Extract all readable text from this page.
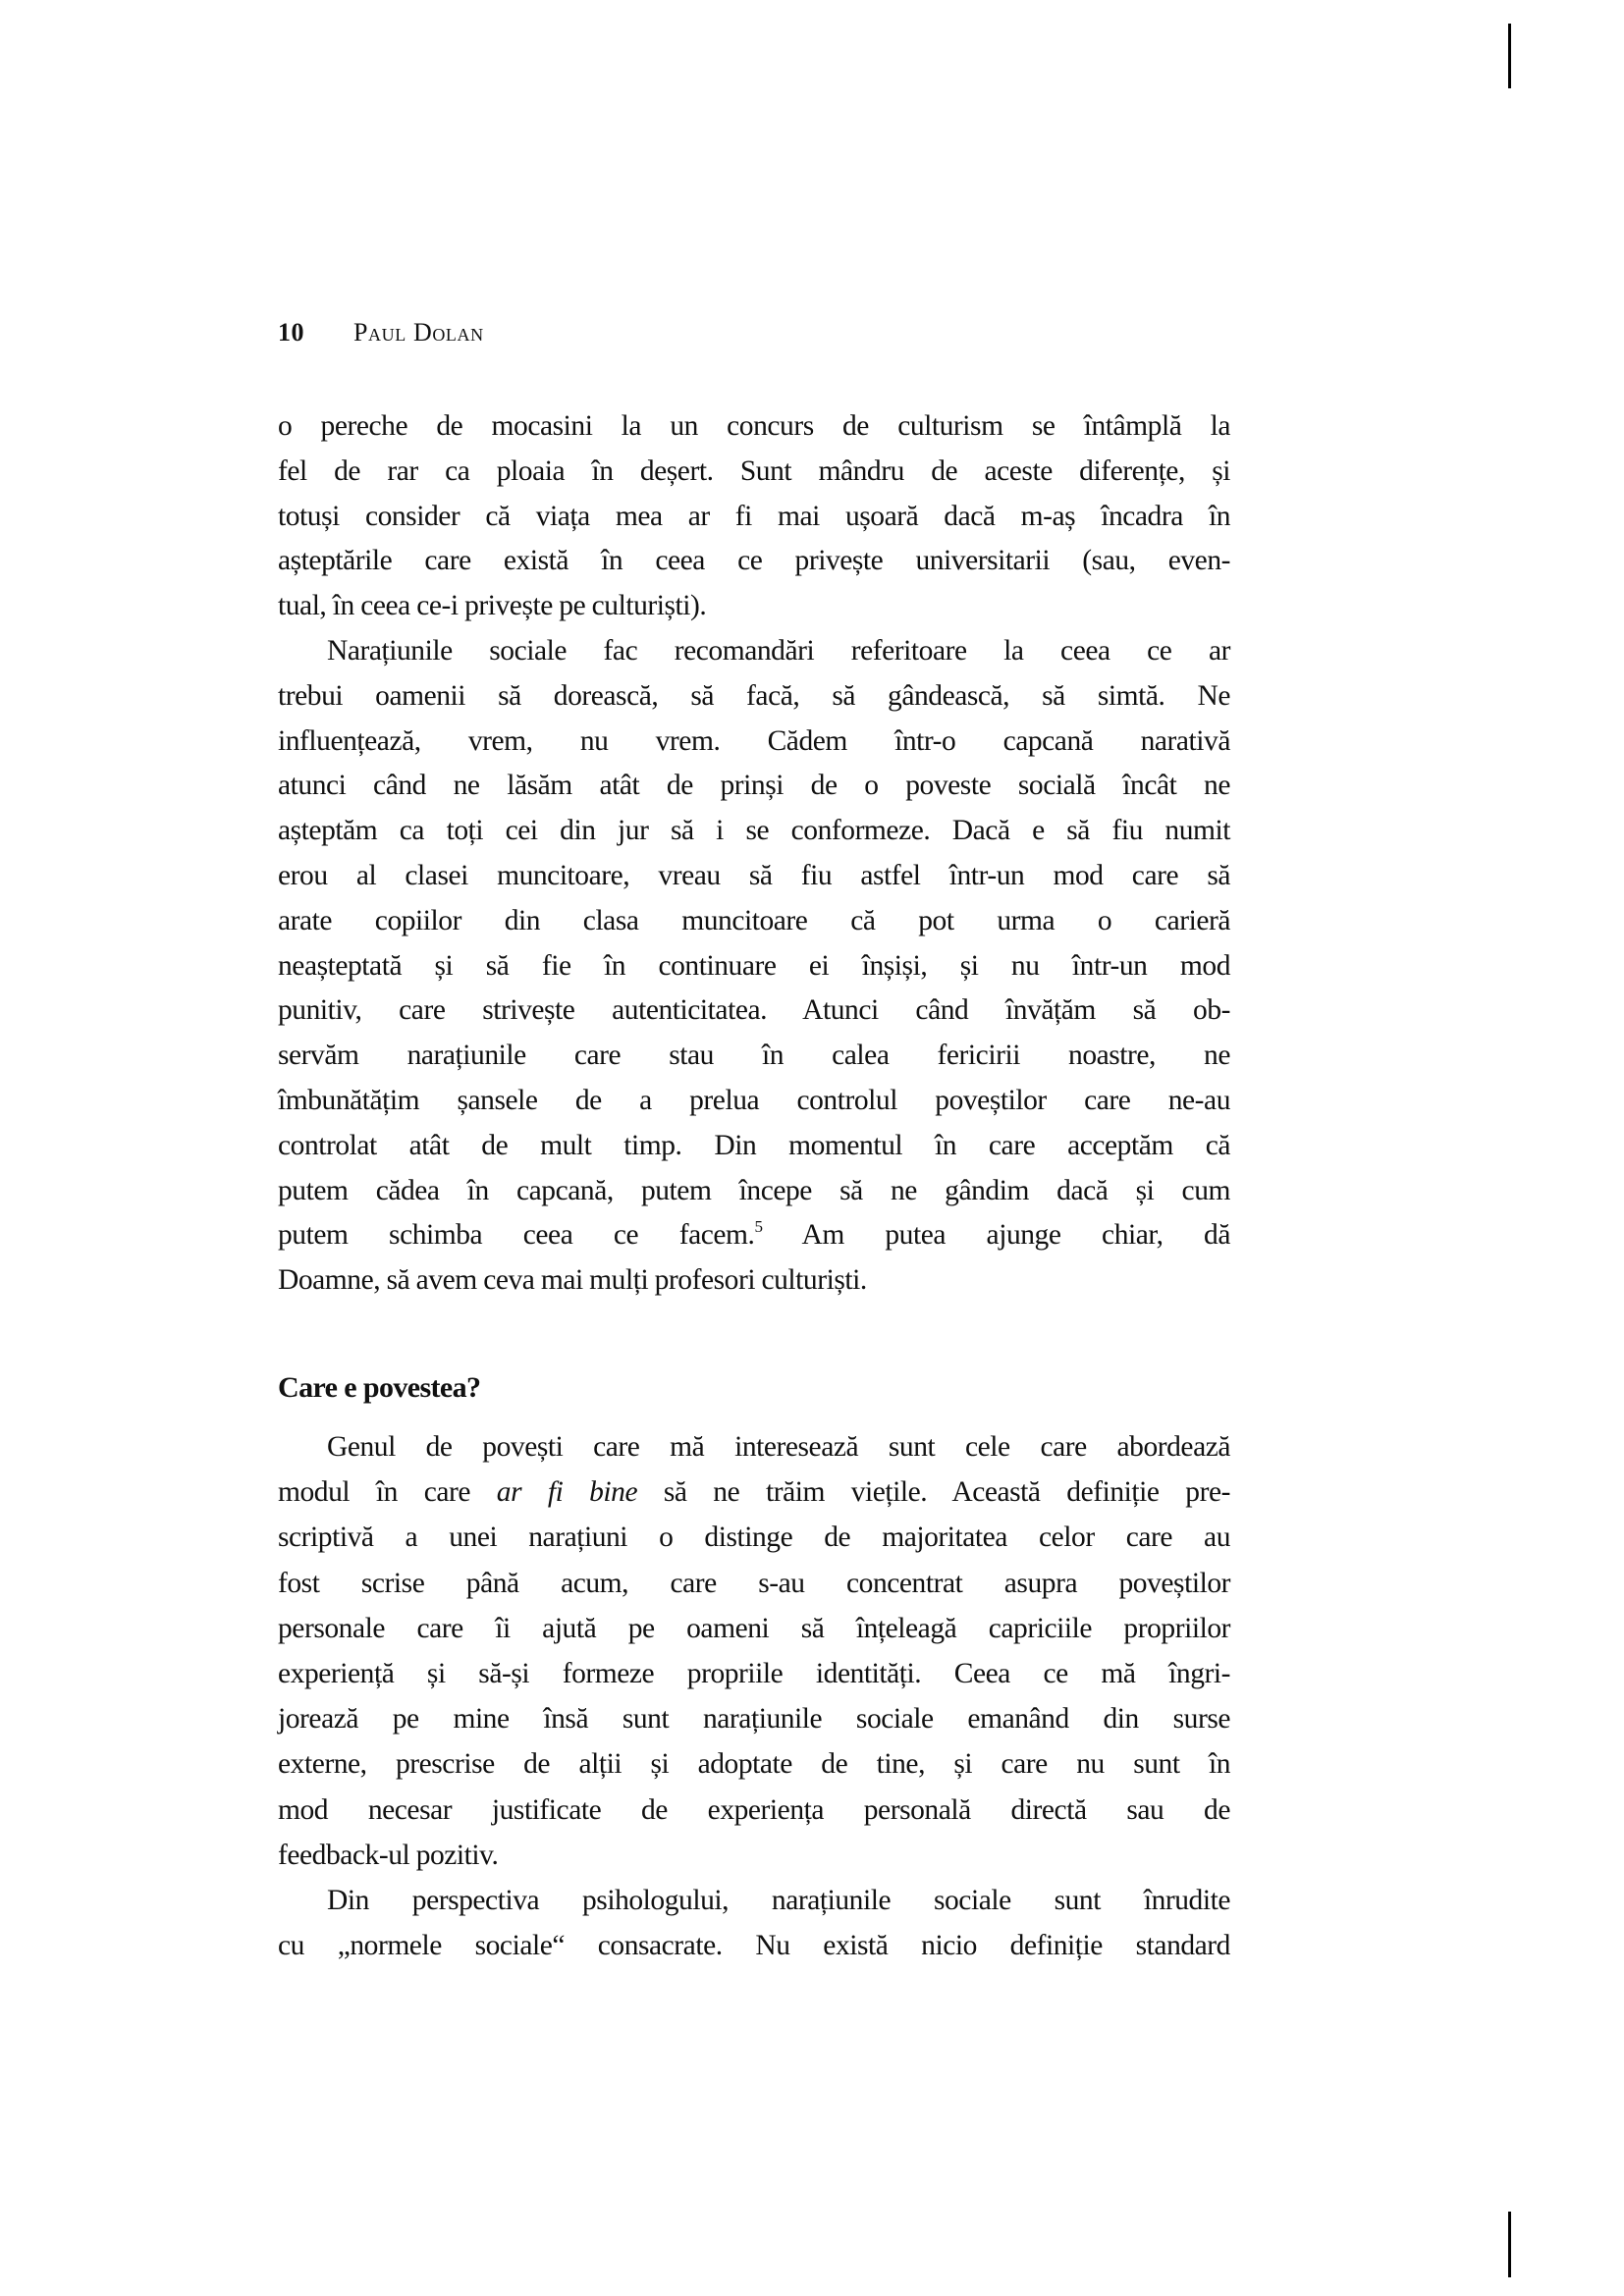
10 Paul Dolan
o pereche de mocasini la un concurs de culturism se întâmplă la
fel de rar ca ploaia în deșert. Sunt mândru de aceste diferențe, și
totuși consider că viața mea ar fi mai ușoară dacă m-aș încadra în
așteptările care există în ceea ce privește universitarii (sau, even-
tual, în ceea ce-i privește pe culturiști).
Narațiunile sociale fac recomandări referitoare la ceea ce ar
trebui oamenii să dorească, să facă, să gândească, să simtă. Ne
influențează, vrem, nu vrem. Cădem într-o capcană narativă
atunci când ne lăsăm atât de prinși de o poveste socială încât ne
așteptăm ca toți cei din jur să i se conformeze. Dacă e să fiu numit
erou al clasei muncitoare, vreau să fiu astfel într-un mod care să
arate copiilor din clasa muncitoare că pot urma o carieră
neașteptată și să fie în continuare ei înșiși, și nu într-un mod
punitiv, care strivește autenticitatea. Atunci când învățăm să ob-
servăm narațiunile care stau în calea fericirii noastre, ne
îmbunătățim șansele de a prelua controlul poveștilor care ne-au
controlat atât de mult timp. Din momentul în care acceptăm că
putem cădea în capcană, putem începe să ne gândim dacă și cum
putem schimba ceea ce facem.$^5$ Am putea ajunge chiar, dă
Doamne, să avem ceva mai mulți profesori culturiști.
Care e povestea?
Genul de povești care mă interesează sunt cele care abordează
modul în care ar fi bine să ne trăim viețile. Această definiție pre-
scriptivă a unei narațiuni o distinge de majoritatea celor care au
fost scrise până acum, care s-au concentrat asupra poveștilor
personale care îi ajută pe oameni să înțeleagă capriciile propriilor
experiență și să-și formeze propriile identități. Ceea ce mă îngri-
jorează pe mine însă sunt narațiunile sociale emanând din surse
externe, prescrise de alții și adoptate de tine, și care nu sunt în
mod necesar justificate de experiența personală directă sau de
feedback-ul pozitiv.
Din perspectiva psihologului, narațiunile sociale sunt înrudite
cu „normele sociale“ consacrate. Nu există nicio definiție standard
